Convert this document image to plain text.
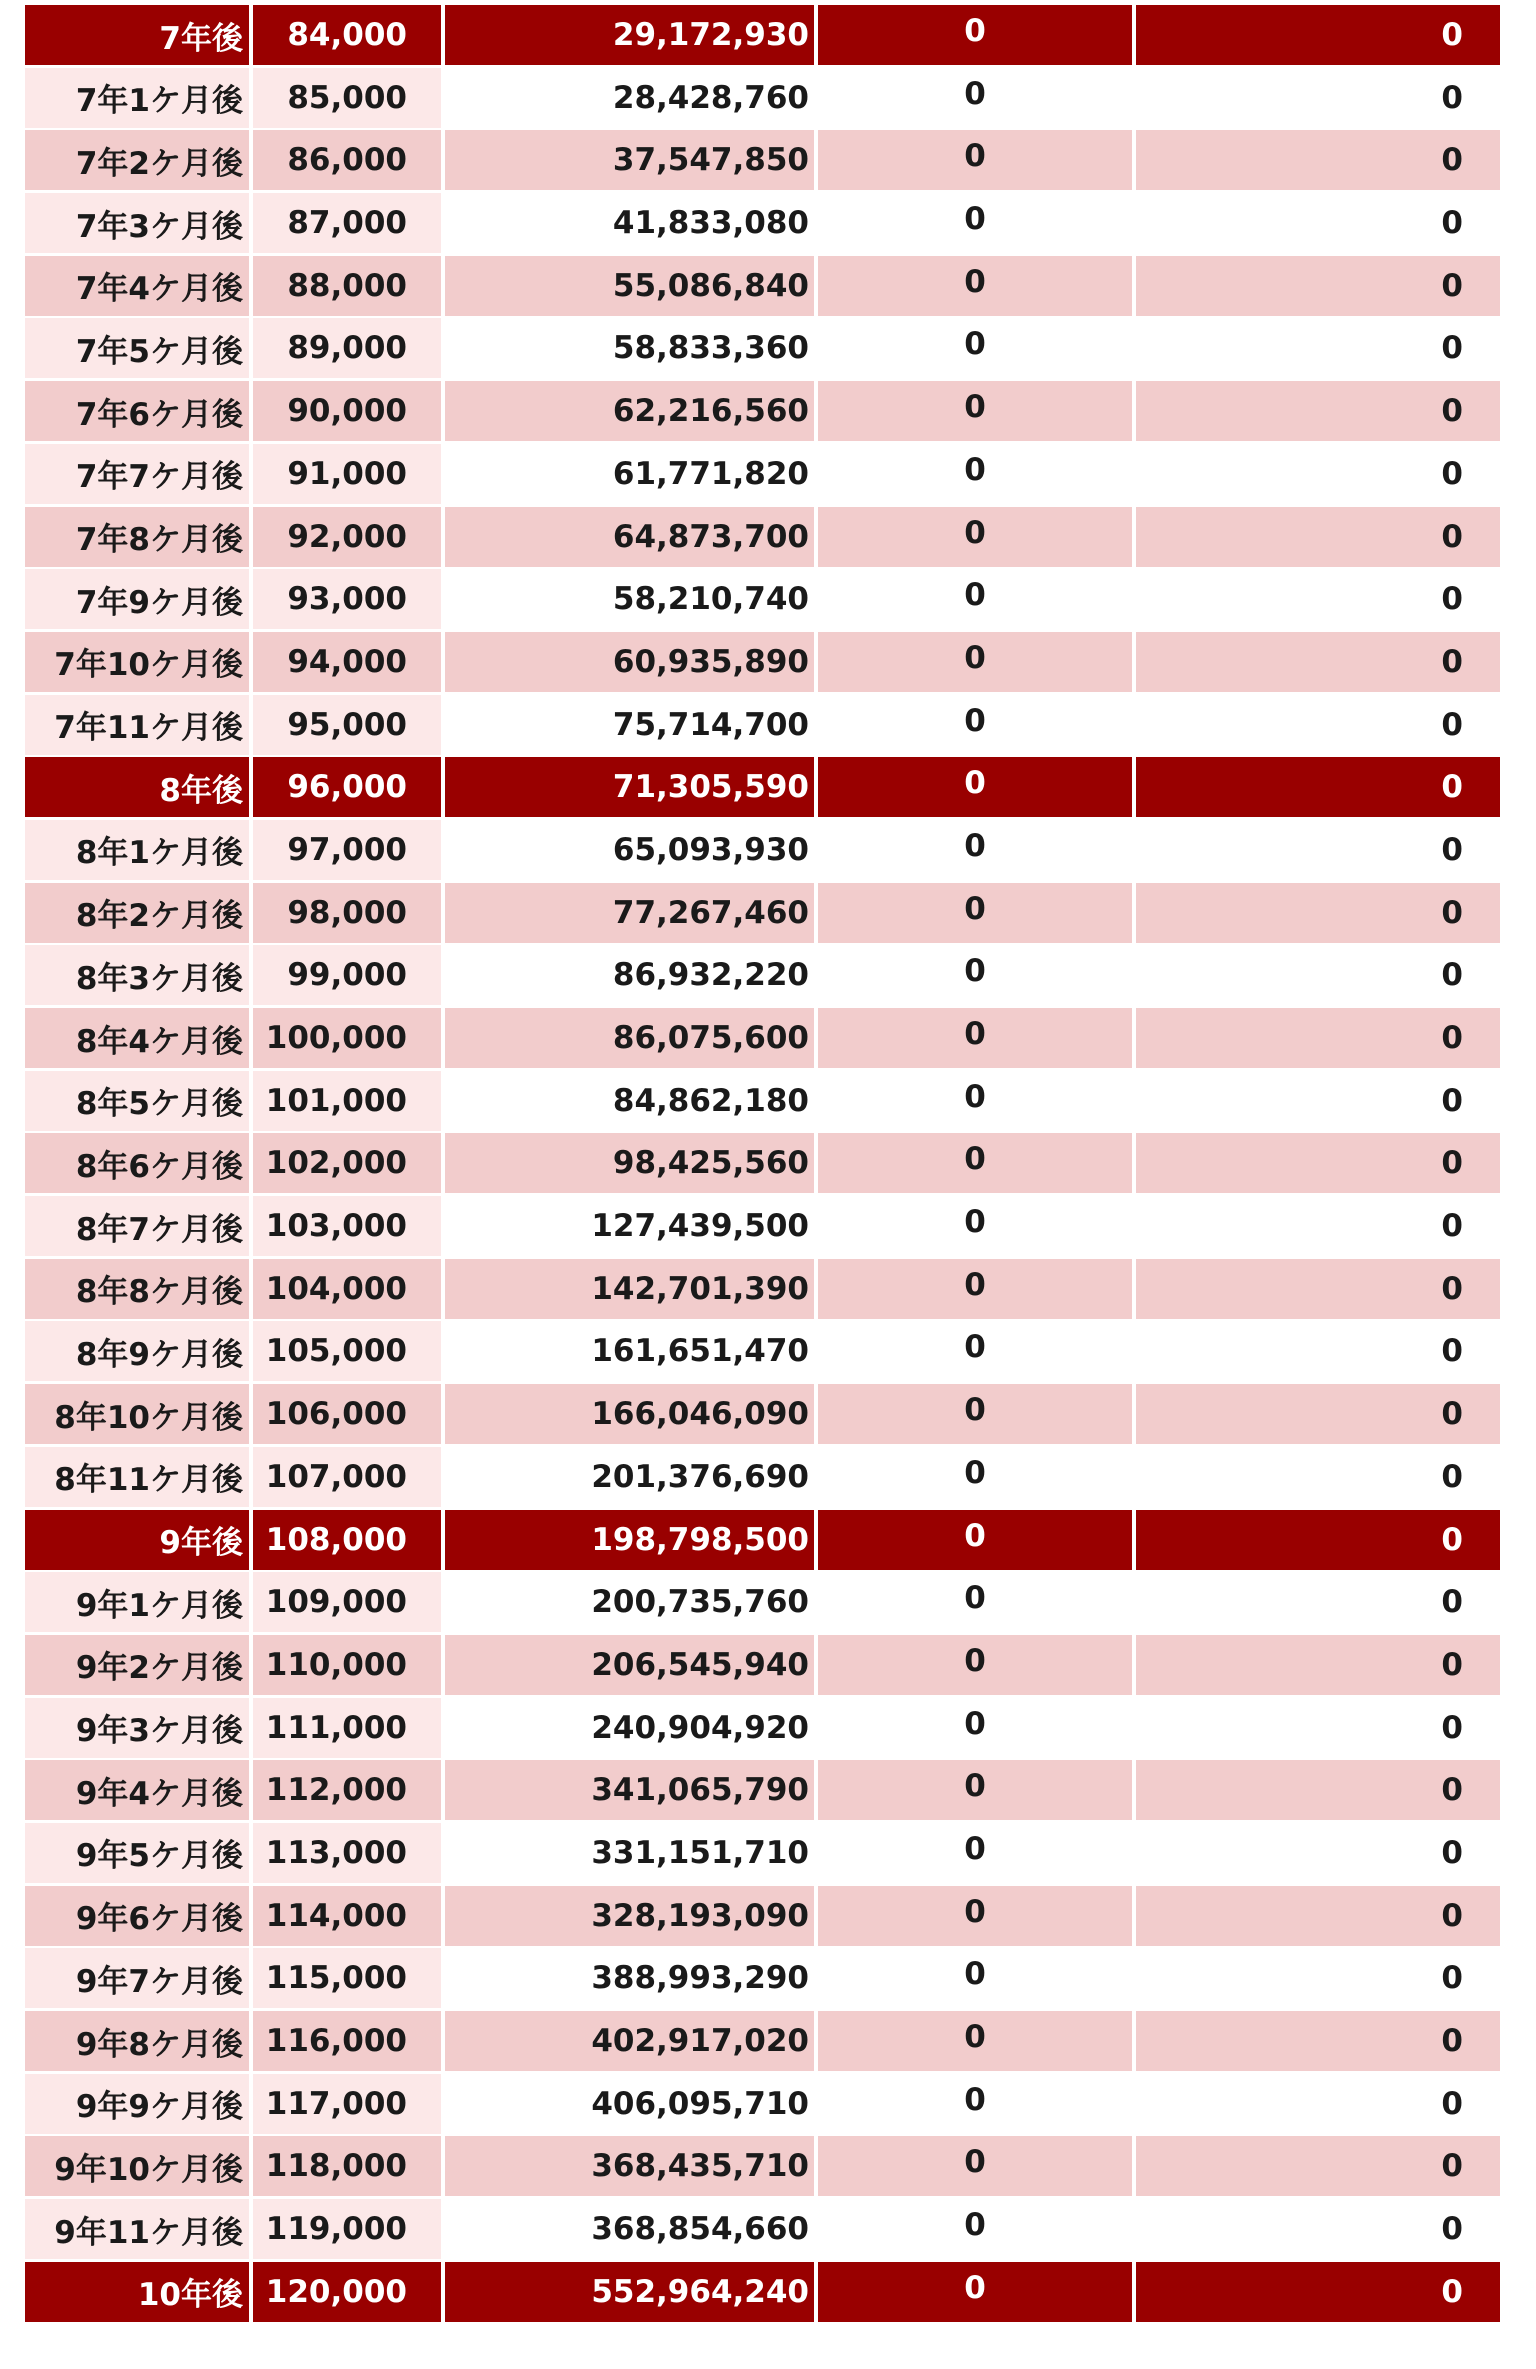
7年後	84,000	29,172,930	0	0
7年1ケ月後	85,000	28,428,760	0	0
7年2ケ月後	86,000	37,547,850	0	0
7年3ケ月後	87,000	41,833,080	0	0
7年4ケ月後	88,000	55,086,840	0	0
7年5ケ月後	89,000	58,833,360	0	0
7年6ケ月後	90,000	62,216,560	0	0
7年7ケ月後	91,000	61,771,820	0	0
7年8ケ月後	92,000	64,873,700	0	0
7年9ケ月後	93,000	58,210,740	0	0
7年10ケ月後	94,000	60,935,890	0	0
7年11ケ月後	95,000	75,714,700	0	0
8年後	96,000	71,305,590	0	0
8年1ケ月後	97,000	65,093,930	0	0
8年2ケ月後	98,000	77,267,460	0	0
8年3ケ月後	99,000	86,932,220	0	0
8年4ケ月後 100,000	86,075,600	0	0
8年5ケ月後 101,000	84,862,180	0	0
8年6ケ月後 102,000	98,425,560	0	0
8年7ケ月後 103,000	127,439,500	0	0
8年8ケ月後 104,000	142,701,390	0	0
8年9ケ月後 105,000	161,651,470	0	0
8年10ケ月後 106,000	166,046,090	0	0
8年11ケ月後 107,000	201,376,690	0	0
9年後 108,000	198,798,500	0	0
9年1ケ月後 109,000	200,735,760	0	0
9年2ケ月後 110,000	206,545,940	0	0
9年3ケ月後 111,000	240,904,920	0	0
9年4ケ月後 112,000	341,065,790	0	0
9年5ケ月後 113,000	331,151,710	0	0
9年6ケ月後 114,000	328,193,090	0	0
9年7ケ月後 115,000	388,993,290	0	0
9年8ケ月後 116,000	402,917,020	0	0
9年9ケ月後 117,000	406,095,710	0	0
9年10ケ月後 118,000	368,435,710	0	0
9年11ケ月後 119,000	368,854,660	0	0
10年後 120,000	552,964,240	0	0
